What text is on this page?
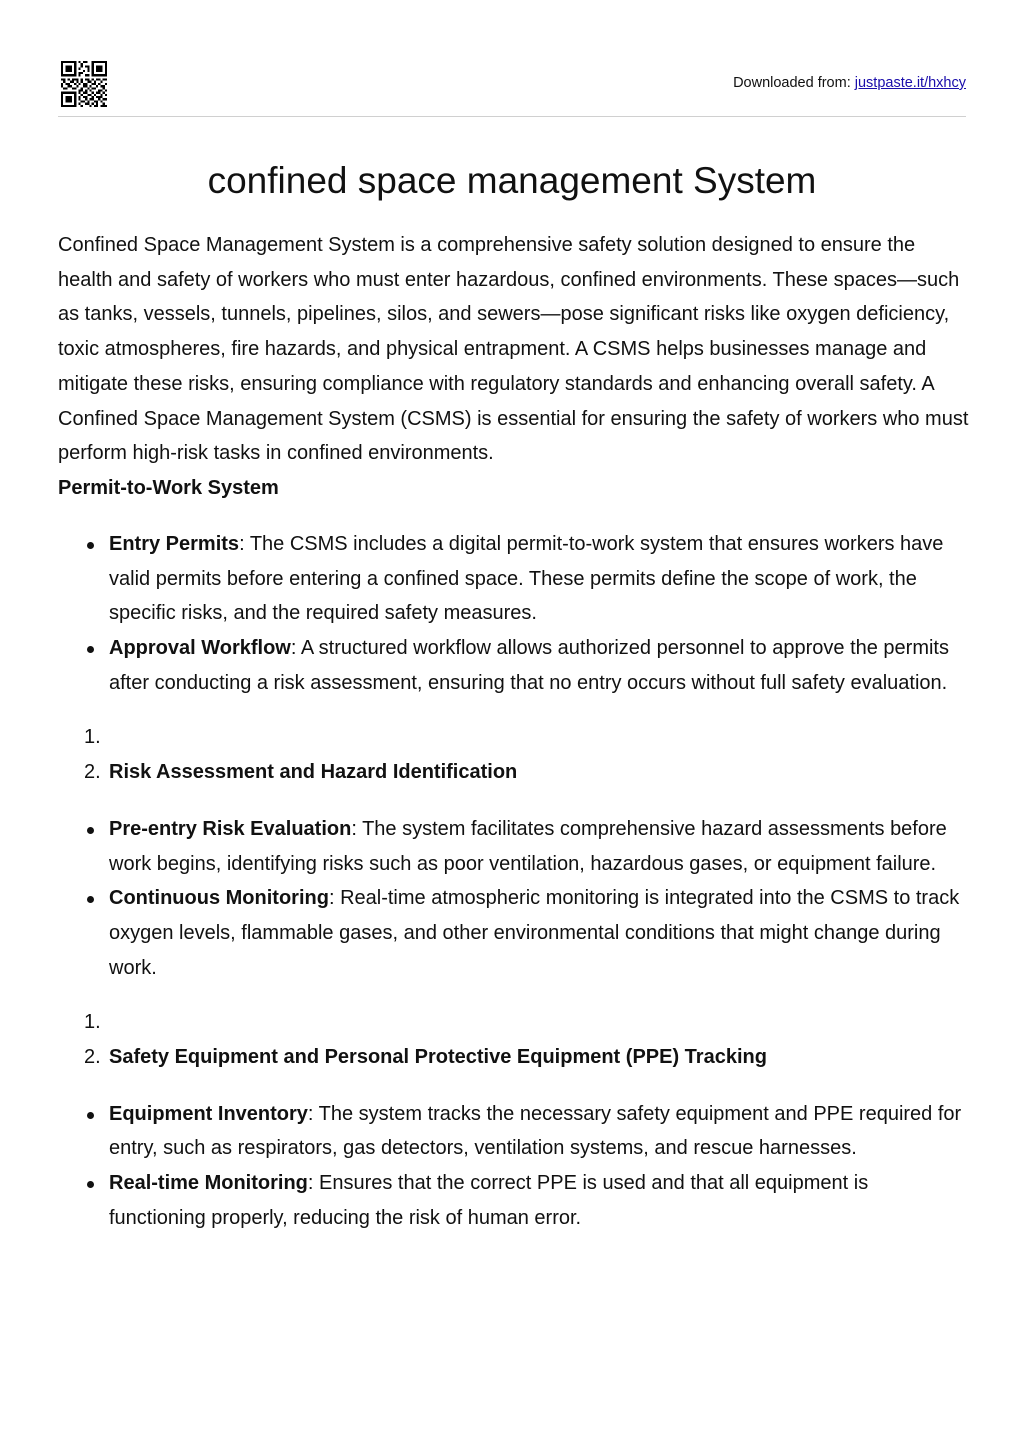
Downloaded from: justpaste.it/hxhcy
confined space management System

Confined Space Management System is a comprehensive safety solution designed to ensure the health and safety of workers who must enter hazardous, confined environments. These spaces—such as tanks, vessels, tunnels, pipelines, silos, and sewers—pose significant risks like oxygen deficiency, toxic atmospheres, fire hazards, and physical entrapment. A CSMS helps businesses manage and mitigate these risks, ensuring compliance with regulatory standards and enhancing overall safety. A Confined Space Management System (CSMS) is essential for ensuring the safety of workers who must perform high-risk tasks in confined environments.

Permit-to-Work System

Entry Permits: The CSMS includes a digital permit-to-work system that ensures workers have valid permits before entering a confined space. These permits define the scope of work, the specific risks, and the required safety measures.
Approval Workflow: A structured workflow allows authorized personnel to approve the permits after conducting a risk assessment, ensuring that no entry occurs without full safety evaluation.
1.
2. Risk Assessment and Hazard Identification
Pre-entry Risk Evaluation: The system facilitates comprehensive hazard assessments before work begins, identifying risks such as poor ventilation, hazardous gases, or equipment failure.
Continuous Monitoring: Real-time atmospheric monitoring is integrated into the CSMS to track oxygen levels, flammable gases, and other environmental conditions that might change during work.
1.
2. Safety Equipment and Personal Protective Equipment (PPE) Tracking
Equipment Inventory: The system tracks the necessary safety equipment and PPE required for entry, such as respirators, gas detectors, ventilation systems, and rescue harnesses.
Real-time Monitoring: Ensures that the correct PPE is used and that all equipment is functioning properly, reducing the risk of human error.
